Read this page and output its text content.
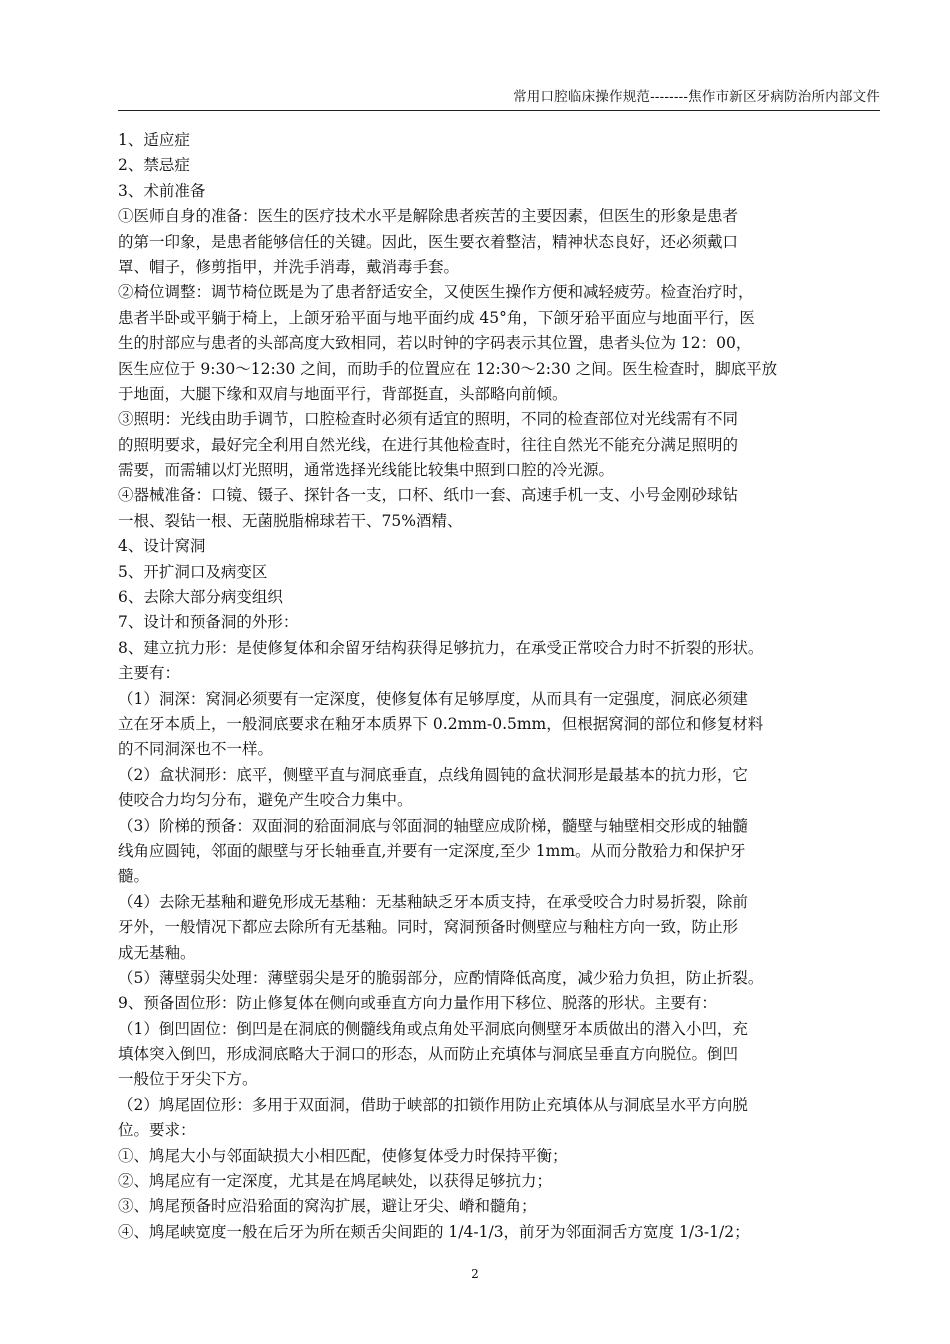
常用口腔临床操作规范--------焦作市新区牙病防治所内部文件
1、适应症
2、禁忌症
3、术前准备
①医师自身的准备：医生的医疗技术水平是解除患者疾苦的主要因素，但医生的形象是患者
的第一印象，是患者能够信任的关键。因此，医生要衣着整洁，精神状态良好，还必须戴口
罩、帽子，修剪指甲，并洗手消毒，戴消毒手套。
②椅位调整：调节椅位既是为了患者舒适安全，又使医生操作方便和减轻疲劳。检查治疗时，
患者半卧或平躺于椅上，上颌牙𬌗平面与地平面约成 45°角，下颌牙𬌗平面应与地面平行，医
生的肘部应与患者的头部高度大致相同，若以时钟的字码表示其位置，患者头位为 12：00，
医生应位于 9:30～12:30 之间，而助手的位置应在 12:30～2:30 之间。医生检查时，脚底平放
于地面，大腿下缘和双肩与地面平行，背部挺直，头部略向前倾。
③照明：光线由助手调节，口腔检查时必须有适宜的照明，不同的检查部位对光线需有不同
的照明要求，最好完全利用自然光线，在进行其他检查时，往往自然光不能充分满足照明的
需要，而需辅以灯光照明，通常选择光线能比较集中照到口腔的冷光源。
④器械准备：口镜、镊子、探针各一支，口杯、纸巾一套、高速手机一支、小号金刚砂球钻
一根、裂钻一根、无菌脱脂棉球若干、75%酒精、
4、设计窝洞
5、开扩洞口及病变区
6、去除大部分病变组织
7、设计和预备洞的外形：
8、建立抗力形：是使修复体和余留牙结构获得足够抗力，在承受正常咬合力时不折裂的形状。
主要有：
（1）洞深：窝洞必须要有一定深度，使修复体有足够厚度，从而具有一定强度，洞底必须建
立在牙本质上，一般洞底要求在釉牙本质界下 0.2mm-0.5mm，但根据窝洞的部位和修复材料
的不同洞深也不一样。
（2）盒状洞形：底平，侧壁平直与洞底垂直，点线角圆钝的盒状洞形是最基本的抗力形，它
使咬合力均匀分布，避免产生咬合力集中。
（3）阶梯的预备：双面洞的𬌗面洞底与邻面洞的轴壁应成阶梯，髓壁与轴壁相交形成的轴髓
线角应圆钝，邻面的龈壁与牙长轴垂直,并要有一定深度,至少 1mm。从而分散𬌗力和保护牙
髓。
（4）去除无基釉和避免形成无基釉：无基釉缺乏牙本质支持，在承受咬合力时易折裂，除前
牙外，一般情况下都应去除所有无基釉。同时，窝洞预备时侧壁应与釉柱方向一致，防止形
成无基釉。
（5）薄壁弱尖处理：薄壁弱尖是牙的脆弱部分，应酌情降低高度，减少𬌗力负担，防止折裂。
9、预备固位形：防止修复体在侧向或垂直方向力量作用下移位、脱落的形状。主要有：
（1）倒凹固位：倒凹是在洞底的侧髓线角或点角处平洞底向侧壁牙本质做出的潜入小凹，充
填体突入倒凹，形成洞底略大于洞口的形态，从而防止充填体与洞底呈垂直方向脱位。倒凹
一般位于牙尖下方。
（2）鸠尾固位形：多用于双面洞，借助于峡部的扣锁作用防止充填体从与洞底呈水平方向脱
位。要求：
①、鸠尾大小与邻面缺损大小相匹配，使修复体受力时保持平衡；
②、鸠尾应有一定深度，尤其是在鸠尾峡处，以获得足够抗力；
③、鸠尾预备时应沿𬌗面的窝沟扩展，避让牙尖、嵴和髓角；
④、鸠尾峡宽度一般在后牙为所在颊舌尖间距的 1/4-1/3，前牙为邻面洞舌方宽度 1/3-1/2；
2
